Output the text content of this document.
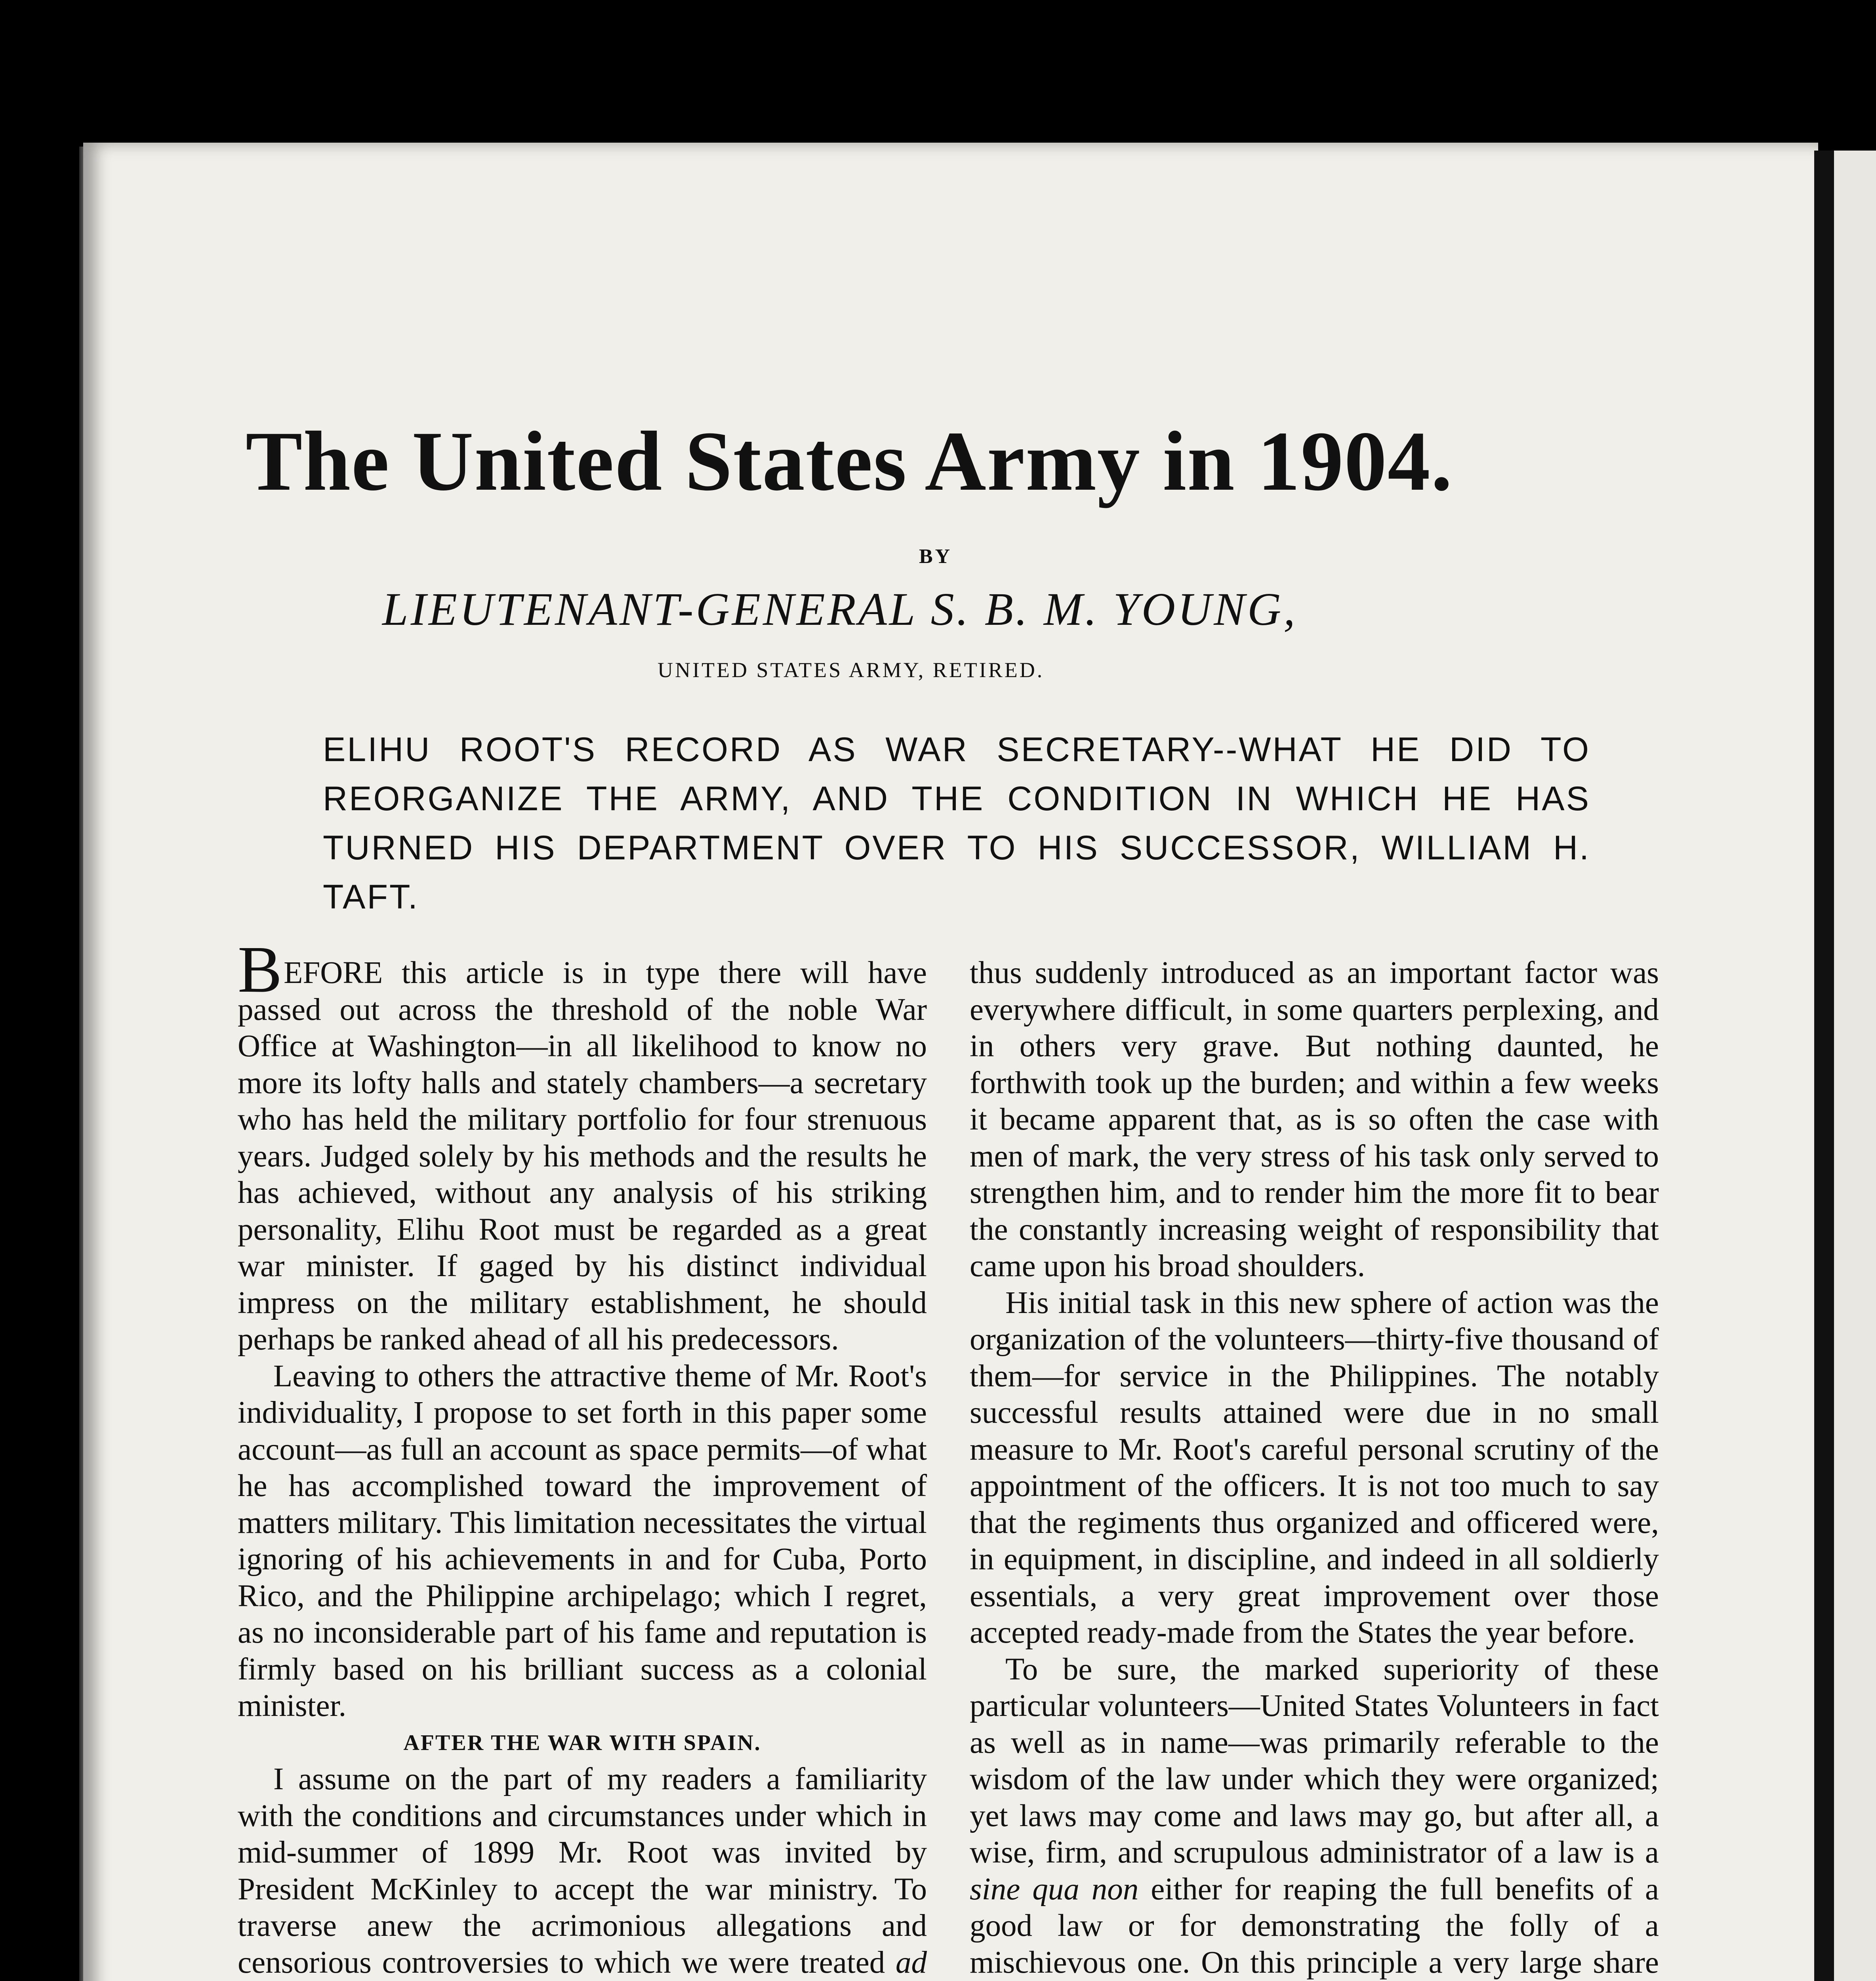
The United States Army in 1904.
BY
LIEUTENANT-GENERAL S. B. M. YOUNG,
UNITED STATES ARMY, RETIRED.
ELIHU ROOT'S RECORD AS WAR SECRETARY--WHAT HE DID TO REORGANIZE THE ARMY, AND THE CONDITION IN WHICH HE HAS TURNED HIS DEPARTMENT OVER TO HIS SUCCESSOR, WILLIAM H. TAFT.

BEFORE this article is in type there will have passed out across the threshold of the noble War Office at Washington—in all likelihood to know no more its lofty halls and stately chambers—a secretary who has held the military portfolio for four strenuous years. Judged solely by his methods and the results he has achieved, without any analysis of his striking personality, Elihu Root must be regarded as a great war minister. If gaged by his distinct individual impress on the military establishment, he should perhaps be ranked ahead of all his predecessors.

Leaving to others the attractive theme of Mr. Root's individuality, I propose to set forth in this paper some account—as full an account as space permits—of what he has accomplished toward the improvement of matters military. This limitation necessitates the virtual ignoring of his achievements in and for Cuba, Porto Rico, and the Philippine archipelago; which I regret, as no inconsiderable part of his fame and reputation is firmly based on his brilliant success as a colonial minister.

AFTER THE WAR WITH SPAIN.

I assume on the part of my readers a familiarity with the conditions and circumstances under which in mid-summer of 1899 Mr. Root was invited by President McKinley to accept the war ministry. To traverse anew the acrimonious allegations and censorious controversies to which we were treated ad

thus suddenly introduced as an important factor was everywhere difficult, in some quarters perplexing, and in others very grave. But nothing daunted, he forthwith took up the burden; and within a few weeks it became apparent that, as is so often the case with men of mark, the very stress of his task only served to strengthen him, and to render him the more fit to bear the constantly increasing weight of responsibility that came upon his broad shoulders.

His initial task in this new sphere of action was the organization of the volunteers—thirty-five thousand of them—for service in the Philippines. The notably successful results attained were due in no small measure to Mr. Root's careful personal scrutiny of the appointment of the officers. It is not too much to say that the regiments thus organized and officered were, in equipment, in discipline, and indeed in all soldierly essentials, a very great improvement over those accepted ready-made from the States the year before.

To be sure, the marked superiority of these particular volunteers—United States Volunteers in fact as well as in name—was primarily referable to the wisdom of the law under which they were organized; yet laws may come and laws may go, but after all, a wise, firm, and scrupulous administrator of a law is a sine qua non either for reaping the full benefits of a good law or for demonstrating the folly of a mischievous one. On this principle a very large share
